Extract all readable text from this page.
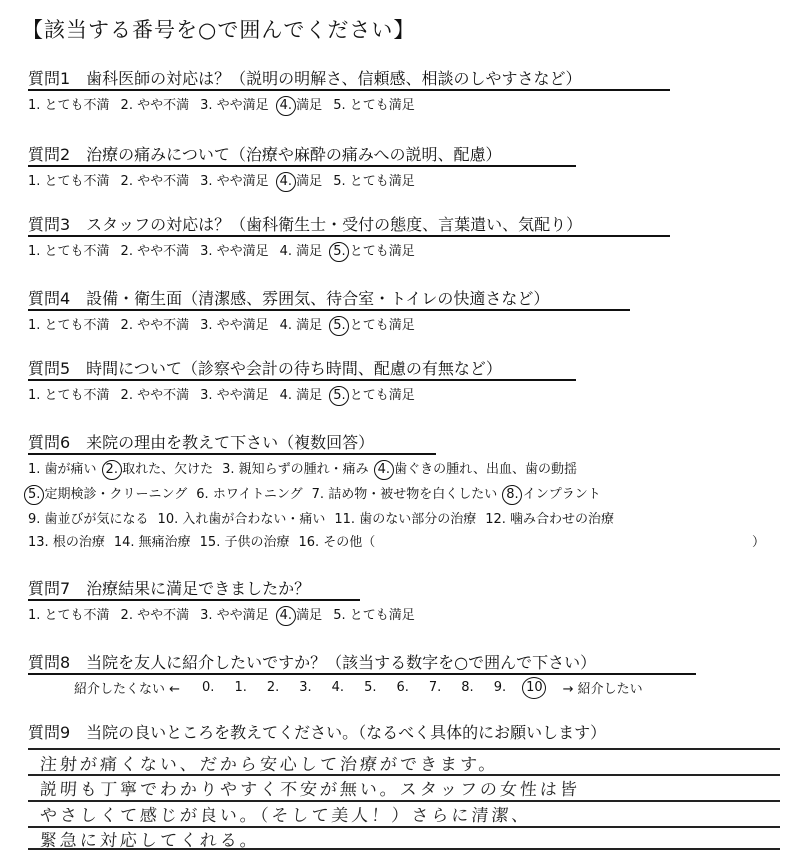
【該当する番号を○で囲んでください】
質問1　歯科医師の対応は？（説明の明解さ、信頼感、相談のしやすさなど）
1. とても不満 2. やや不満 3. やや満足 4. 満足 5. とても満足
質問2　治療の痛みについて（治療や麻酔の痛みへの説明、配慮）
1. とても不満 2. やや不満 3. やや満足 4. 満足 5. とても満足
質問3　スタッフの対応は？（歯科衛生士・受付の態度、言葉遣い、気配り）
1. とても不満 2. やや不満 3. やや満足 4. 満足 5. とても満足
質問4　設備・衛生面（清潔感、雰囲気、待合室・トイレの快適さなど）
1. とても不満 2. やや不満 3. やや満足 4. 満足 5. とても満足
質問5　時間について（診察や会計の待ち時間、配慮の有無など）
1. とても不満 2. やや不満 3. やや満足 4. 満足 5. とても満足
質問6　来院の理由を教えて下さい（複数回答）
1. 歯が痛い 2. 取れた、欠けた 3. 親知らずの腫れ・痛み 4. 歯ぐきの腫れ、出血、歯の動揺
5. 定期検診・クリーニング 6. ホワイトニング 7. 詰め物・被せ物を白くしたい 8. インプラント
9. 歯並びが気になる 10. 入れ歯が合わない・痛い 11. 歯のない部分の治療 12. 噛み合わせの治療
13. 根の治療 14. 無痛治療 15. 子供の治療 16. その他（	）
質問7　治療結果に満足できましたか？
1. とても不満 2. やや不満 3. やや満足 4. 満足 5. とても満足
質問8　当院を友人に紹介したいですか？（該当する数字を○で囲んで下さい）
紹介したくない ← 0. 1. 2. 3. 4. 5. 6. 7. 8. 9. 10 → 紹介したい
質問9　当院の良いところを教えてください。（なるべく具体的にお願いします）
注射が痛くない、だから安心して治療ができます。
説明も丁寧でわかりやすく不安が無い。スタッフの女性は皆
やさしくて感じが良い。（そして美人！）さらに清潔、
緊急に対応してくれる。
